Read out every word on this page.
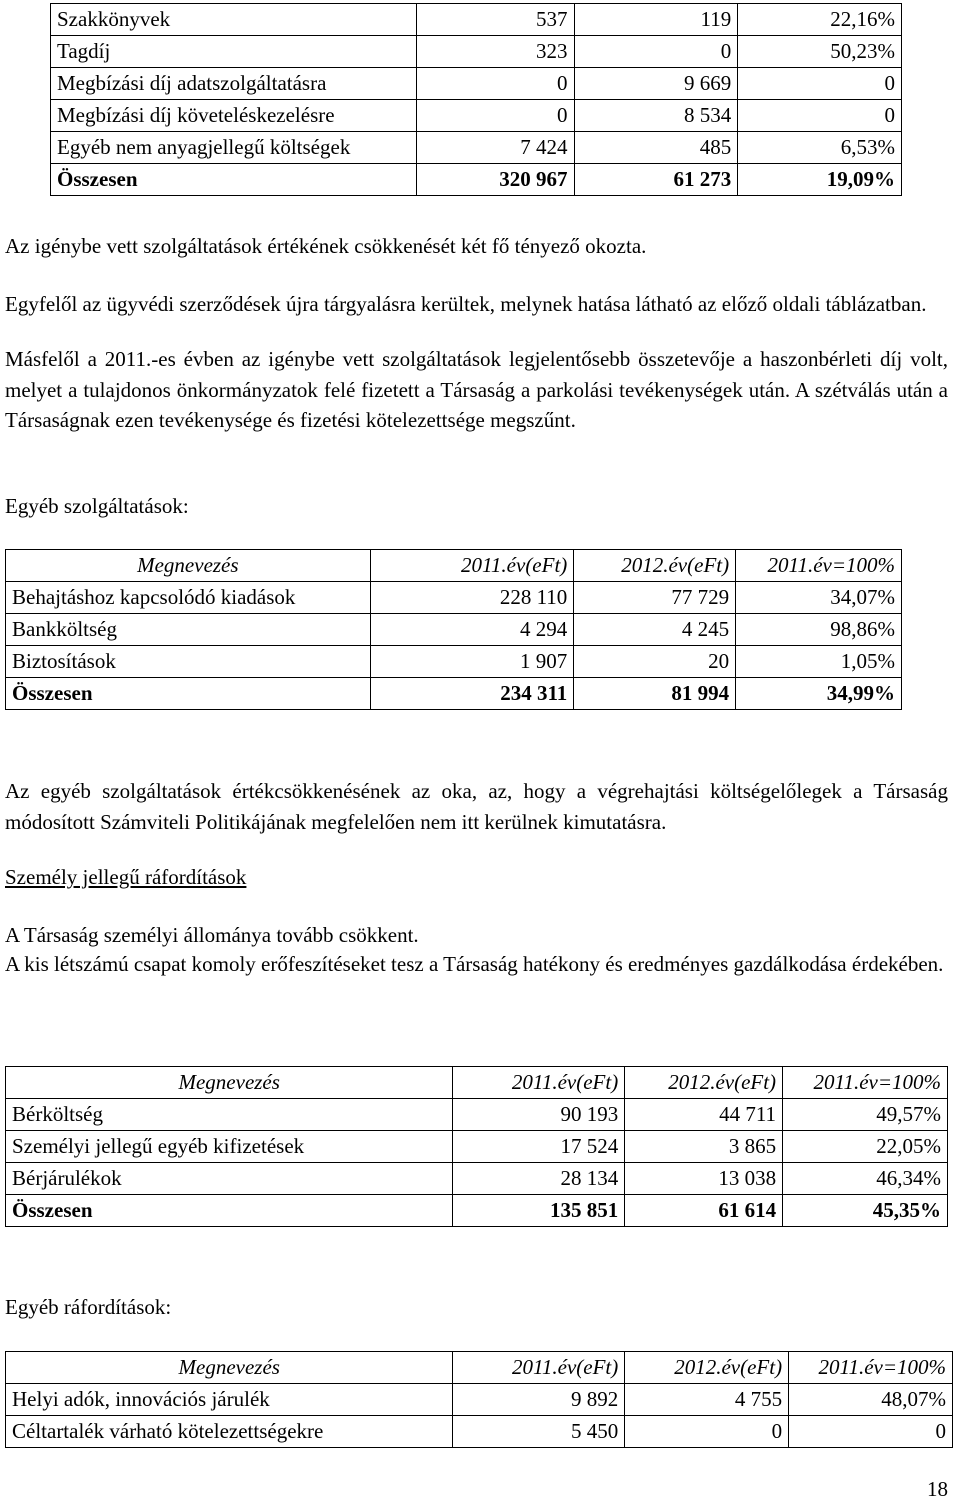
Szakkönyvek	537	119	22,16%
Tagdíj	323	0	50,23%
Megbízási díj adatszolgáltatásra	0	9 669	0
Megbízási díj követeléskezelésre	0	8 534	0
Egyéb nem anyagjellegű költségek	7 424	485	6,53%
Összesen	320 967	61 273	19,09%
Az igénybe vett szolgáltatások értékének csökkenését két fő tényező okozta.
Egyfelől az ügyvédi szerződések újra tárgyalásra kerültek, melynek hatása látható az előző oldali táblázatban.
Másfelől a 2011.-es évben az igénybe vett szolgáltatások legjelentősebb összetevője a haszonbérleti díj volt, melyet a tulajdonos önkormányzatok felé fizetett a Társaság a parkolási tevékenységek után. A szétválás után a Társaságnak ezen tevékenysége és fizetési kötelezettsége megszűnt.
Egyéb szolgáltatások:
Megnevezés	2011.év(eFt)	2012.év(eFt)	2011.év=100%
Behajtáshoz kapcsolódó kiadások	228 110	77 729	34,07%
Bankköltség	4 294	4 245	98,86%
Biztosítások	1 907	20	1,05%
Összesen	234 311	81 994	34,99%
Az egyéb szolgáltatások értékcsökkenésének az oka, az, hogy a végrehajtási költségelőlegek a Társaság módosított Számviteli Politikájának megfelelően nem itt kerülnek kimutatásra.
Személy jellegű ráfordítások
A Társaság személyi állománya tovább csökkent.
A kis létszámú csapat komoly erőfeszítéseket tesz a Társaság hatékony és eredményes gazdálkodása érdekében.
Megnevezés	2011.év(eFt)	2012.év(eFt)	2011.év=100%
Bérköltség	90 193	44 711	49,57%
Személyi jellegű egyéb kifizetések	17 524	3 865	22,05%
Bérjárulékok	28 134	13 038	46,34%
Összesen	135 851	61 614	45,35%
Egyéb ráfordítások:
Megnevezés	2011.év(eFt)	2012.év(eFt)	2011.év=100%
Helyi adók, innovációs járulék	9 892	4 755	48,07%
Céltartalék várható kötelezettségekre	5 450	0	0
18
